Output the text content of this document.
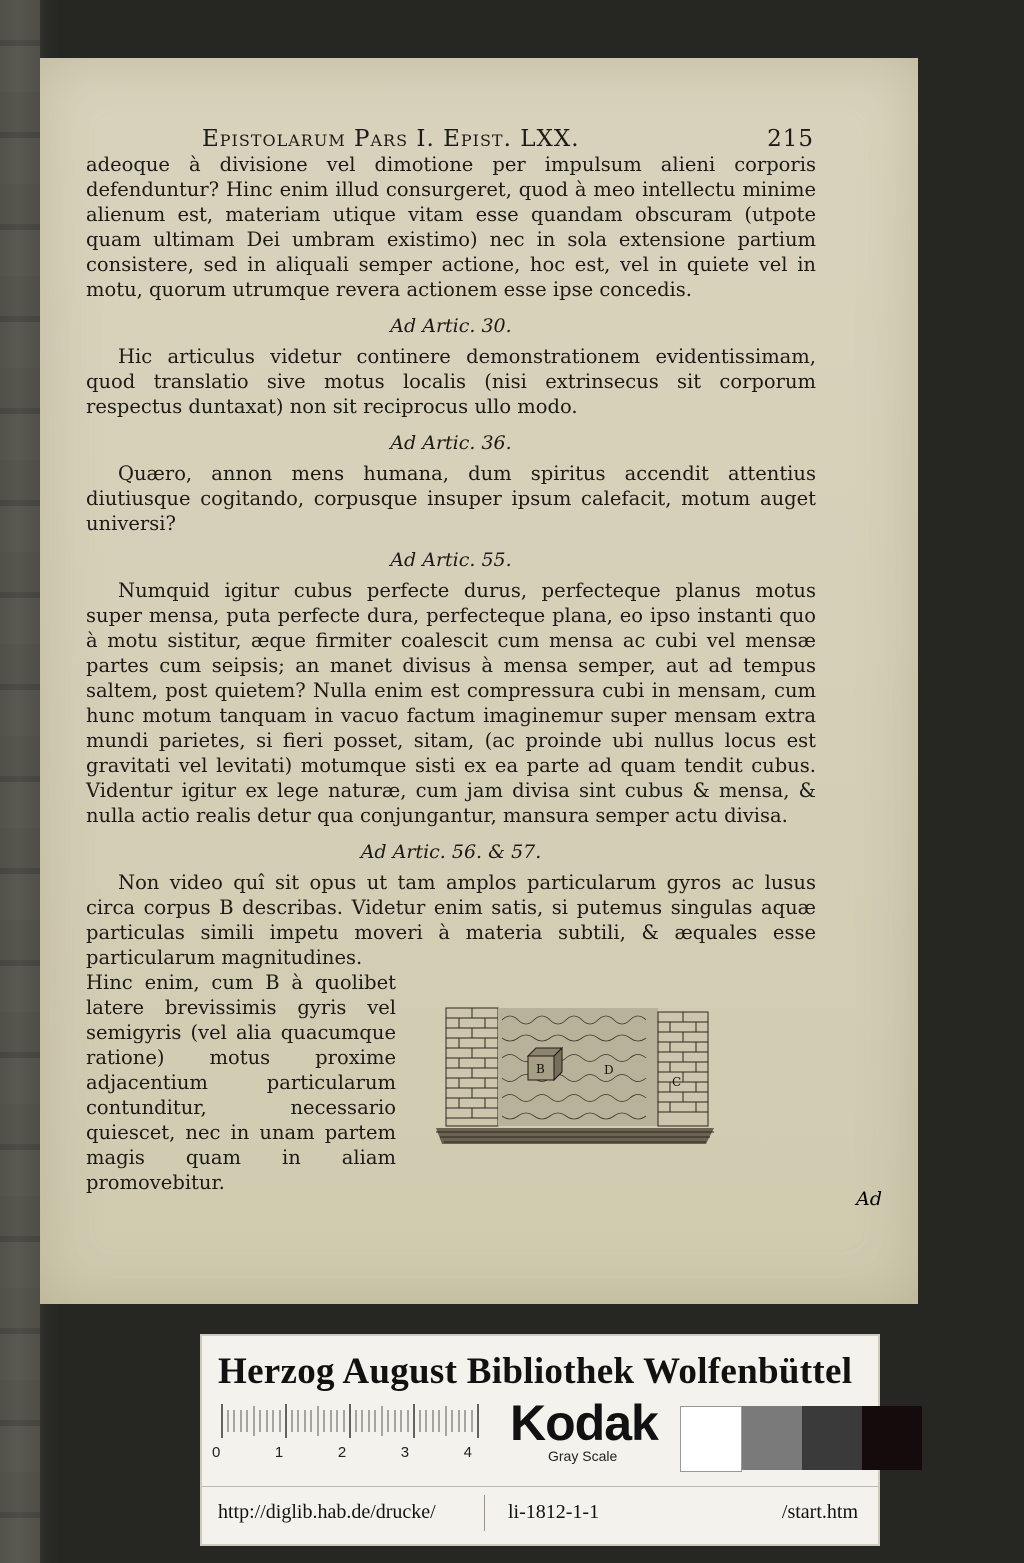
Epistolarum Pars I. Epist. LXX.	215

adeoque à divisione vel dimotione per impulsum alieni corporis defenduntur? Hinc enim illud consurgeret, quod à meo intellectu minime alienum est, materiam utique vitam esse quandam obscuram (utpote quam ultimam Dei umbram existimo) nec in sola extensione partium consistere, sed in aliquali semper actione, hoc est, vel in quiete vel in motu, quorum utrumque revera actionem esse ipse concedis.

Ad Artic. 30.

Hic articulus videtur continere demonstrationem evidentissimam, quod translatio sive motus localis (nisi extrinsecus sit corporum respectus duntaxat) non sit reciprocus ullo modo.

Ad Artic. 36.

Quæro, annon mens humana, dum spiritus accendit attentius diutiusque cogitando, corpusque insuper ipsum calefacit, motum auget universi?

Ad Artic. 55.

Numquid igitur cubus perfecte durus, perfecteque planus motus super mensa, puta perfecte dura, perfecteque plana, eo ipso instanti quo à motu sistitur, æque firmiter coalescit cum mensa ac cubi vel mensæ partes cum seipsis; an manet divisus à mensa semper, aut ad tempus saltem, post quietem? Nulla enim est compressura cubi in mensam, cum hunc motum tanquam in vacuo factum imaginemur super mensam extra mundi parietes, si fieri posset, sitam, (ac proinde ubi nullus locus est gravitati vel levitati) motumque sisti ex ea parte ad quam tendit cubus. Videntur igitur ex lege naturæ, cum jam divisa sint cubus & mensa, & nulla actio realis detur qua conjungantur, mansura semper actu divisa.

Ad Artic. 56. & 57.

Non video quî sit opus ut tam amplos particularum gyros ac lusus circa corpus B describas. Videtur enim satis, si putemus singulas aquæ particulas simili impetu moveri à materia subtili, & æquales esse particularum magnitudines.

Hinc enim, cum B à quolibet latere brevissimis gyris vel semigyris (vel alia quacumque ratione) motus proxime adjacentium particularum contunditur, necessario quiescet, nec in unam partem magis quam in aliam promovebitur.

B	D
C
Ad
Herzog August Bibliothek Wolfenbüttel
0	1	2	3	4
Kodak
Gray Scale
http://diglib.hab.de/drucke/	li-1812-1-1	/start.htm
